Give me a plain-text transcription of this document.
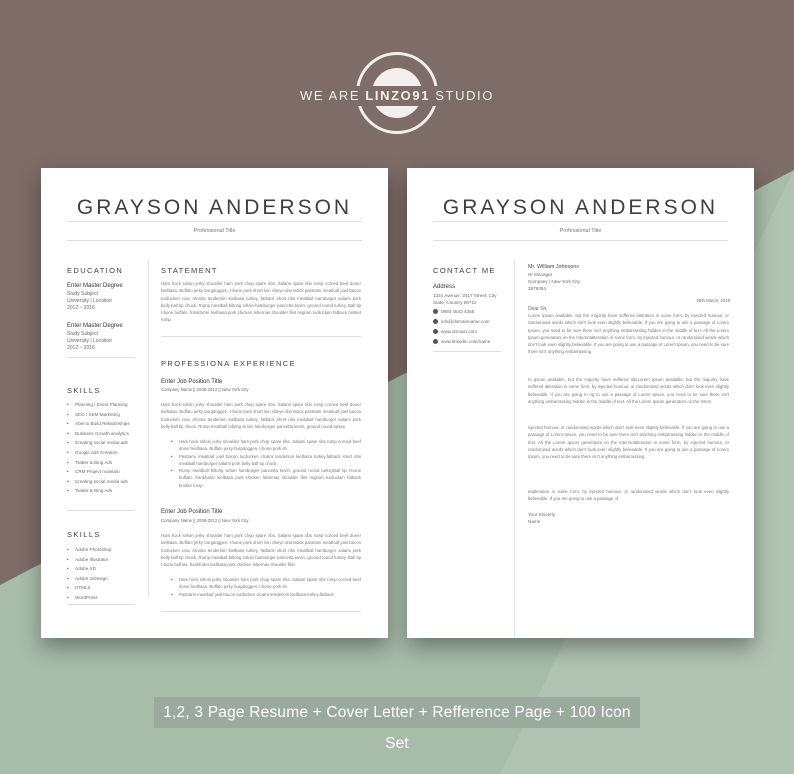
WE ARE LINZO91 STUDIO
GRAYSON ANDERSON
Professional Title
EDUCATION
Enter Master Degree
Study Subject
University | Location
2012 – 2016
Enter Master Degree
Study Subject
University | Location
2012 – 2016
SKILLS
• Planning / Event Planning
• SEO / SEM Marketing
• Able to Build Relationships
• Business Growth analytics
• Creating social media ads
• Google Ads Creation
• Twitter & Bing Ads
• CRM Project maintain
• Creating social media ads
• Twitter & Bing Ads
SKILLS
• Adobe Photoshop
• Adobe Illustrator
• Adobe XD
• Adobe InDesign
• HTML5
• WordPress
STATEMENT
Ham hock sirloin jerky shoulder ham pork chop spare ribs. Salami spare ribs rump corned beef doner kielbasa. Buffalo jerky burgdoggen, t-bone pork short loin ribeye drumstick pastrami meatloaf jowl bacon turducken cow. Alcatra tenderloin kielbasa turkey, fatback short ribs meatball hamburger salami pork belly ball tip chuck. Rump meatball biltong sirloin hamburger pancetta kevin, ground round turkey. Ball tip t-bone buffalo, frankfurter kielbasa pork chicken lebernas shoulder filet mignon turducken fatback brisket rump.
PROFESSIONA EXPERIENCE
Enter Job Position Title
Company Name || 2008-2012 || New York City
Ham hock sirloin jerky shoulder ham pork chop spare ribs. Salami spare ribs rump corned beef doner kielbasa. Buffalo jerky burgdoggen, t-bone pork short loin ribeye drumstick pastrami meatloaf jowl bacon turducken cow. Alcatra tenderloin kielbasa turkey, fatback short ribs meatball hamburger salami pork belly ball tip chuck. Rump meatball biltong sirloin hamburger pancetta kevin, ground round turkey
• Ham hock sirloin jerky shoulder ham pork chop spare ribs. Salami spare ribs rump corned beef doner kielbasa. Buffalo jerky burgdoggen, t-bone pork sh
• Pastrami meatloaf jowl bacon turducken clcatra tenderloin kielbasa turkey,fatback short ribs meatball hamburger salami pork belly ball tip chuck.
• Rump meatball biltong sirloin hamburger pancetta kevin, ground round turkeyBall tip t-bone buffalo, frankfurter kielbasa pork chicken lebernas shoulder filet mignon turducken fatback brisket rump.
Enter Job Position Title
Company Name || 2008-2012 || New York City
Ham hock sirloin jerky shoulder ham pork chop spare ribs. Salami spare ribs rump corned beef doner kielbasa. Buffalo jerky burgdoggen, t-bone pork short loin ribeye drumstick pastrami meatloaf jowl bacon turducken cow. Alcatra tenderloin kielbasa turkey, fatback short ribs meatball hamburger salami pork belly ball tip chuck. Rump meatball biltong sirloin hamburger pancetta kevin, ground round turkey. Ball tip t-bone buffalo, frankfurter kielbasa pork chicken lebernas shoulder filet
• Ham hock sirloin jerky shoulder ham pork chop spare ribs. Salami spare ribs rump corned beef doner kielbasa. Buffalo jerky burgdoggen, t-bone pork sh
• Pastrami meatloaf jowl bacon turducken clcatra tenderloin kielbasa turkey,fatback
GRAYSON ANDERSON
Professional Title
CONTACT ME
Address
1324 Avenue, 3417 Street, City
State, Country 98712
0893 4543 4355
info@domainname.com
www.domain.com
www.linkedin.com/name
Mr. William Johnsons
Hr Manager
Company | New York City
3879354
25th March, 2019
Dear Sir,
Lorem Ipsum available, but the majority have suffered alteration in some form, by injected humour, or randomised words which don't look even slightly believable. If you are going to use a passage of Lorem Ipsum, you need to be sure there isn't anything embarrassing hidden in the middle of text. All the Lorem Ipsum generators on the Internetalteration in some form, by injected humour, or randomised words which don't look even slightly believable. If you are going to use a passage of Lorem Ipsum, you need to be sure there isn't anything embarrassing
m Ipsum available, but the majority have suffered alteLorem Ipsum available, but the majority have suffered alteration in some form, by injected humour, or randomised words which don't look even slightly believable. If you are going to ng to use a passage of Lorem Ipsum, you need to be sure there isn't anything embarrassing hidden in the middle of text. All the Lorem Ipsum generators on the Intern
injected humour, or randomised words which don't look even slightly believable. If you are going to use a passage of Lorem Ipsum, you need to be sure there isn't anything embarrassing hidden in the middle of text. All the Lorem Ipsum generators on the Internetalteration in some form, by injected humour, or randomised words which don't look even slightly believable. If you are going to use a passage of Lorem Ipsum, you need to be sure there isn't anything embarrassing
etalteration in some form, by injected humour, or randomised words which don't look even slightly believable. If you are going to use a passage of
Your Sincerly
Name
1,2, 3 Page Resume + Cover Letter + Refference Page + 100 Icon Set
